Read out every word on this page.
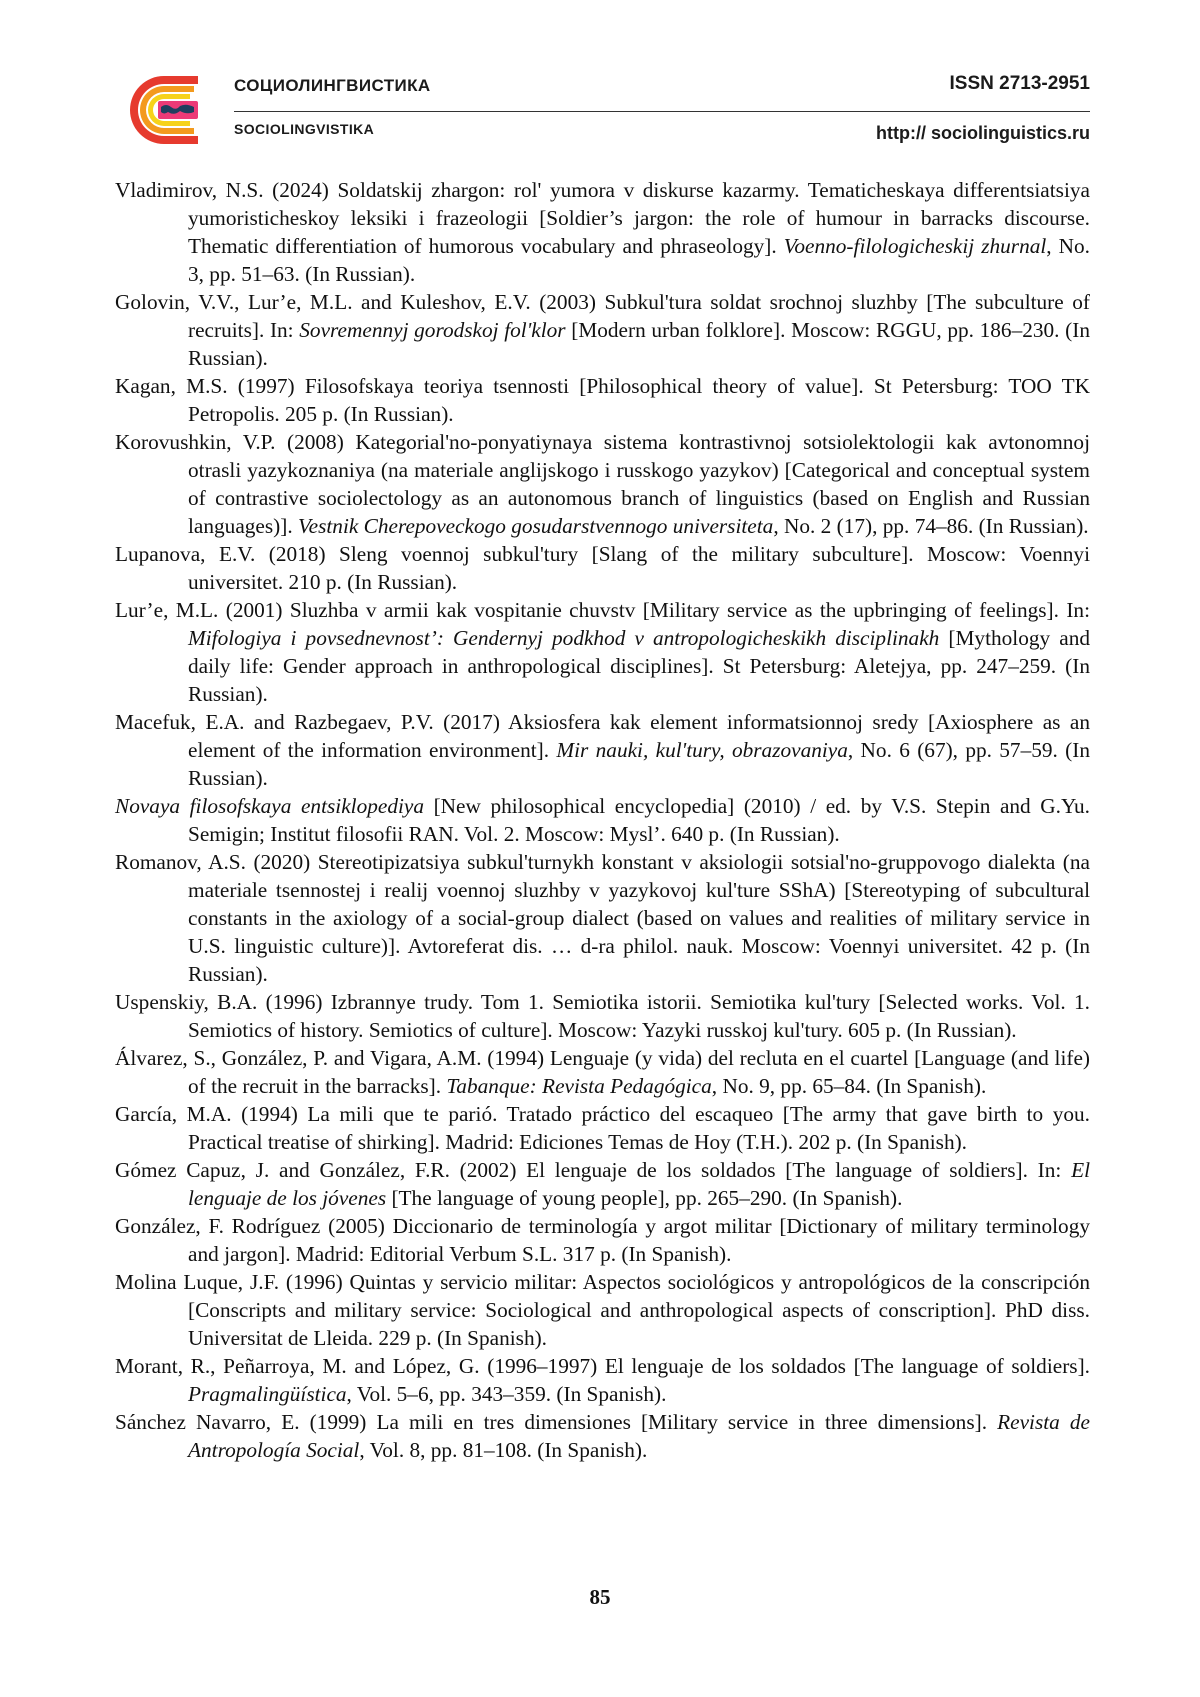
СОЦИОЛИНГВИСТИКА
SOCIOLINGVISTIKA
ISSN 2713-2951
http:// sociolinguistics.ru
Vladimirov, N.S. (2024) Soldatskij zhargon: rol' yumora v diskurse kazarmy. Tematicheskaya differentsiatsiya yumoristicheskoy leksiki i frazeologii [Soldier’s jargon: the role of humour in barracks discourse. Thematic differentiation of humorous vocabulary and phraseology]. Voenno-filologicheskij zhurnal, No. 3, pp. 51–63. (In Russian).
Golovin, V.V., Lur’e, M.L. and Kuleshov, E.V. (2003) Subkul'tura soldat srochnoj sluzhby [The subculture of recruits]. In: Sovremennyj gorodskoj fol'klor [Modern urban folklore]. Moscow: RGGU, pp. 186–230. (In Russian).
Kagan, M.S. (1997) Filosofskaya teoriya tsennosti [Philosophical theory of value]. St Petersburg: TOO TK Petropolis. 205 p. (In Russian).
Korovushkin, V.P. (2008) Kategorial'no-ponyatiynaya sistema kontrastivnoj sotsiolektologii kak avtonomnoj otrasli yazykoznaniya (na materiale anglijskogo i russkogo yazykov) [Categorical and conceptual system of contrastive sociolectology as an autonomous branch of linguistics (based on English and Russian languages)]. Vestnik Cherepoveckogo gosudarstvennogo universiteta, No. 2 (17), pp. 74–86. (In Russian).
Lupanova, E.V. (2018) Sleng voennoj subkul'tury [Slang of the military subculture]. Moscow: Voennyi universitet. 210 p. (In Russian).
Lur’e, M.L. (2001) Sluzhba v armii kak vospitanie chuvstv [Military service as the upbringing of feelings]. In: Mifologiya i povsednevnost’: Gendernyj podkhod v antropologicheskikh disciplinakh [Mythology and daily life: Gender approach in anthropological disciplines]. St Petersburg: Aletejya, pp. 247–259. (In Russian).
Macefuk, E.A. and Razbegaev, P.V. (2017) Aksiosfera kak element informatsionnoj sredy [Axiosphere as an element of the information environment]. Mir nauki, kul'tury, obrazovaniya, No. 6 (67), pp. 57–59. (In Russian).
Novaya filosofskaya entsiklopediya [New philosophical encyclopedia] (2010) / ed. by V.S. Stepin and G.Yu. Semigin; Institut filosofii RAN. Vol. 2. Moscow: Mysl’. 640 p. (In Russian).
Romanov, A.S. (2020) Stereotipizatsiya subkul'turnykh konstant v aksiologii sotsial'no-gruppovogo dialekta (na materiale tsennostej i realij voennoj sluzhby v yazykovoj kul'ture SShA) [Stereotyping of subcultural constants in the axiology of a social-group dialect (based on values and realities of military service in U.S. linguistic culture)]. Avtoreferat dis. … d-ra philol. nauk. Moscow: Voennyi universitet. 42 p. (In Russian).
Uspenskiy, B.A. (1996) Izbrannye trudy. Tom 1. Semiotika istorii. Semiotika kul'tury [Selected works. Vol. 1. Semiotics of history. Semiotics of culture]. Moscow: Yazyki russkoj kul'tury. 605 p. (In Russian).
Álvarez, S., González, P. and Vigara, A.M. (1994) Lenguaje (y vida) del recluta en el cuartel [Language (and life) of the recruit in the barracks]. Tabanque: Revista Pedagógica, No. 9, pp. 65–84. (In Spanish).
García, M.A. (1994) La mili que te parió. Tratado práctico del escaqueo [The army that gave birth to you. Practical treatise of shirking]. Madrid: Ediciones Temas de Hoy (T.H.). 202 p. (In Spanish).
Gómez Capuz, J. and González, F.R. (2002) El lenguaje de los soldados [The language of soldiers]. In: El lenguaje de los jóvenes [The language of young people], pp. 265–290. (In Spanish).
González, F. Rodríguez (2005) Diccionario de terminología y argot militar [Dictionary of military terminology and jargon]. Madrid: Editorial Verbum S.L. 317 p. (In Spanish).
Molina Luque, J.F. (1996) Quintas y servicio militar: Aspectos sociológicos y antropológicos de la conscripción [Conscripts and military service: Sociological and anthropological aspects of conscription]. PhD diss. Universitat de Lleida. 229 p. (In Spanish).
Morant, R., Peñarroya, M. and López, G. (1996–1997) El lenguaje de los soldados [The language of soldiers]. Pragmalingüística, Vol. 5–6, pp. 343–359. (In Spanish).
Sánchez Navarro, E. (1999) La mili en tres dimensiones [Military service in three dimensions]. Revista de Antropología Social, Vol. 8, pp. 81–108. (In Spanish).
85
